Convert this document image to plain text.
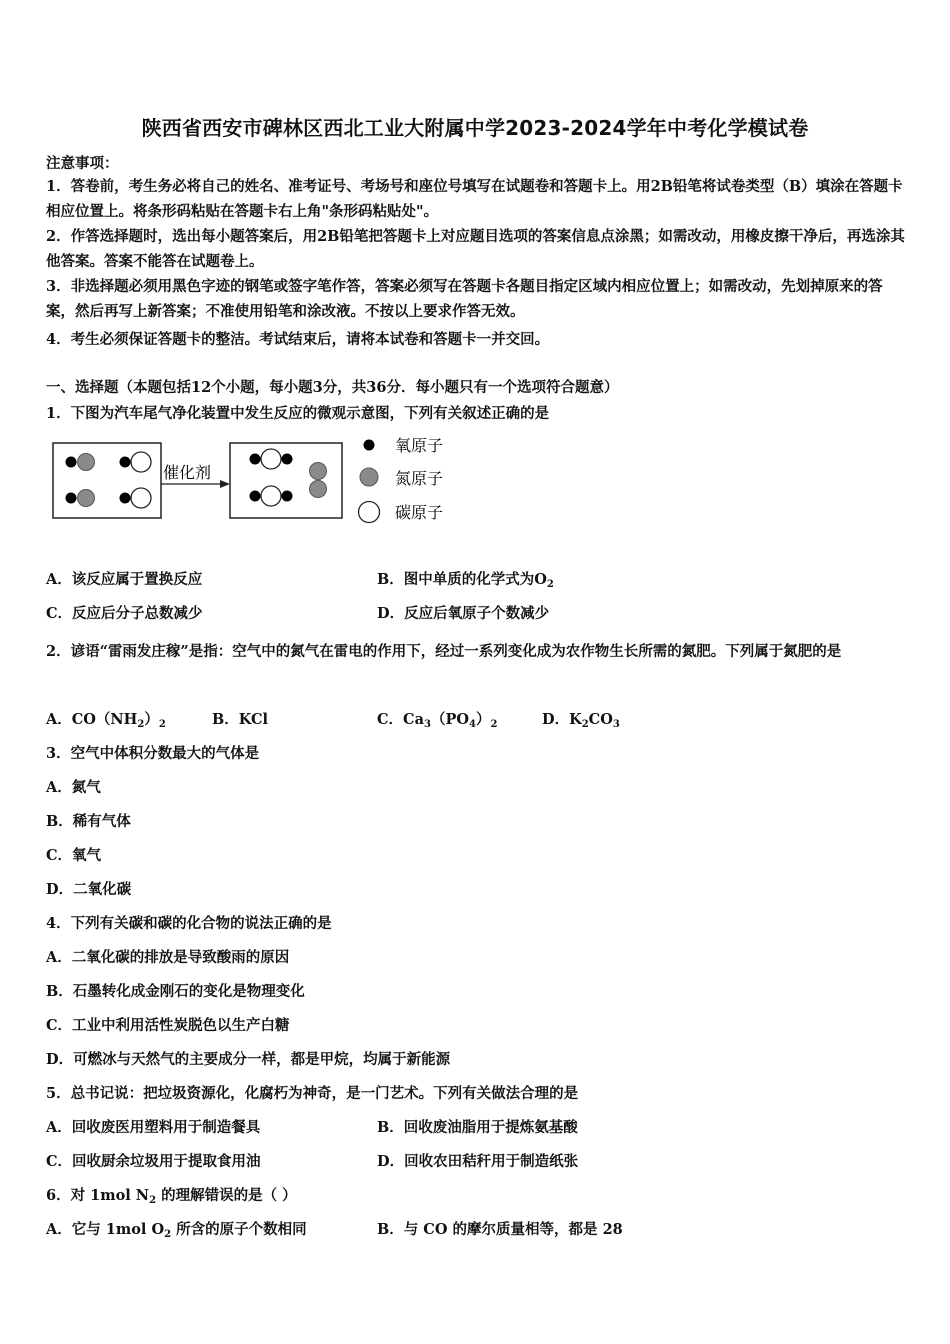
陕西省西安市碑林区西北工业大附属中学2023-2024学年中考化学模试卷
注意事项：
1．答卷前，考生务必将自己的姓名、准考证号、考场号和座位号填写在试题卷和答题卡上。用2B铅笔将试卷类型（B）填涂在答题卡相应位置上。将条形码粘贴在答题卡右上角"条形码粘贴处"。
2．作答选择题时，选出每小题答案后，用2B铅笔把答题卡上对应题目选项的答案信息点涂黑；如需改动，用橡皮擦干净后，再选涂其他答案。答案不能答在试题卷上。
3．非选择题必须用黑色字迹的钢笔或签字笔作答，答案必须写在答题卡各题目指定区域内相应位置上；如需改动，先划掉原来的答案，然后再写上新答案；不准使用铅笔和涂改液。不按以上要求作答无效。
4．考生必须保证答题卡的整洁。考试结束后，请将本试卷和答题卡一并交回。
一、选择题（本题包括12个小题，每小题3分，共36分．每小题只有一个选项符合题意）
1．下图为汽车尾气净化装置中发生反应的微观示意图，下列有关叙述正确的是
催化剂
氧原子
氮原子
碳原子
A．该反应属于置换反应	B．图中单质的化学式为$O_2$
C．反应后分子总数减少	D．反应后氧原子个数减少
2．谚语“雷雨发庄稼”是指：空气中的氮气在雷电的作用下，经过一系列变化成为农作物生长所需的氮肥。下列属于氮肥的是
A．$CO(NH_2)_2$	B．KCl	C．$Ca_3(PO_4)_2$	D．$K_2CO_3$
3．空气中体积分数最大的气体是
A．氮气
B．稀有气体
C．氧气
D．二氧化碳
4．下列有关碳和碳的化合物的说法正确的是
A．二氧化碳的排放是导致酸雨的原因
B．石墨转化成金刚石的变化是物理变化
C．工业中利用活性炭脱色以生产白糖
D．可燃冰与天然气的主要成分一样，都是甲烷，均属于新能源
5．总书记说：把垃圾资源化，化腐朽为神奇，是一门艺术。下列有关做法合理的是
A．回收废医用塑料用于制造餐具	B．回收废油脂用于提炼氨基酸
C．回收厨余垃圾用于提取食用油	D．回收农田秸秆用于制造纸张
6．对 1mol $N_2$ 的理解错误的是（ ）
A．它与 1mol $O_2$ 所含的原子个数相同	B．与 CO 的摩尔质量相等，都是 28
